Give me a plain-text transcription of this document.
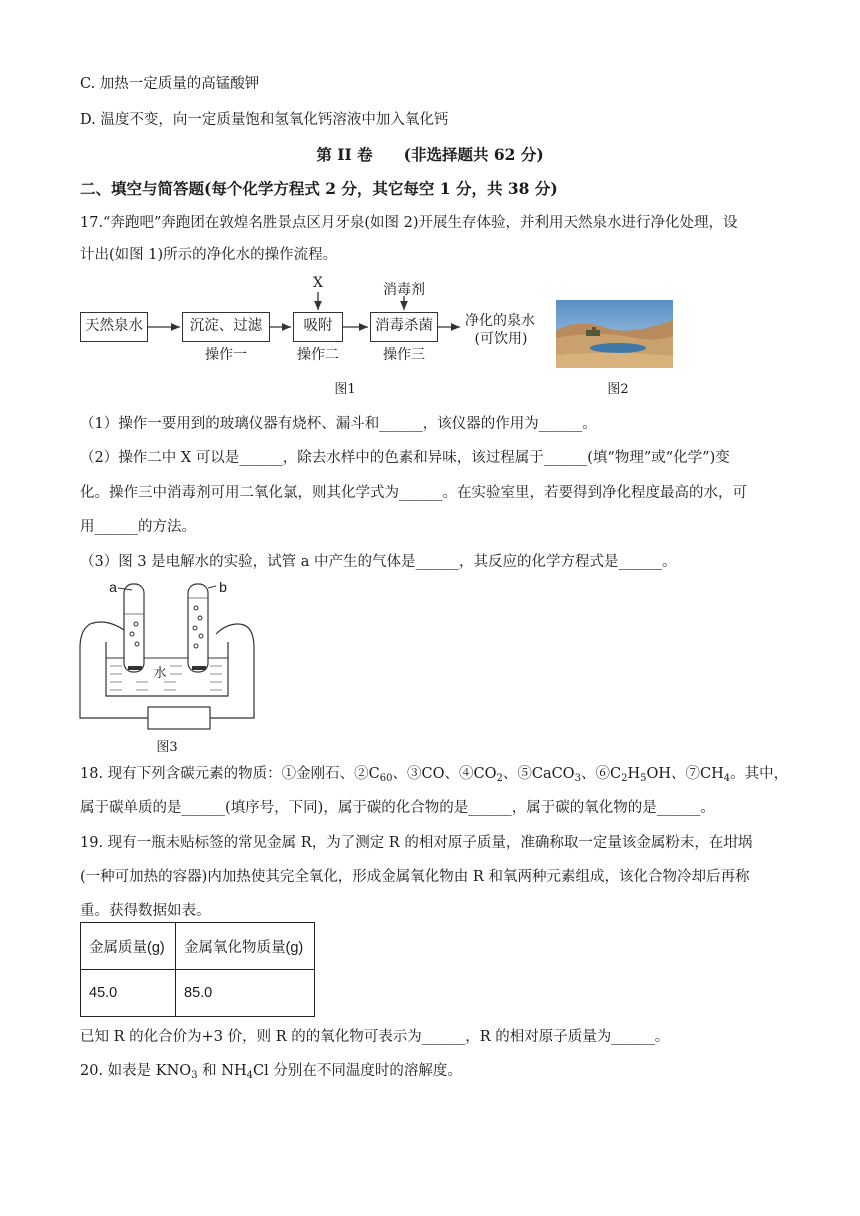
C. 加热一定质量的高锰酸钾
D. 温度不变，向一定质量饱和氢氧化钙溶液中加入氧化钙
第 II 卷　　(非选择题共 62 分)
二、填空与简答题(每个化学方程式 2 分，其它每空 1 分，共 38 分)
17.“奔跑吧”奔跑团在敦煌名胜景点区月牙泉(如图 2)开展生存体验，并利用天然泉水进行净化处理，设
计出(如图 1)所示的净化水的操作流程。
天然泉水	沉淀、过滤	吸附	消毒杀菌
X	消毒剂
净化的泉水
(可饮用)
操作一	操作二	操作三
图1	图2
（1）操作一要用到的玻璃仪器有烧杯、漏斗和______，该仪器的作用为______。
（2）操作二中 X 可以是______，除去水样中的色素和异味，该过程属于______(填“物理”或“化学”)变
化。操作三中消毒剂可用二氧化氯，则其化学式为______。在实验室里，若要得到净化程度最高的水，可
用______的方法。
（3）图 3 是电解水的实验，试管 a 中产生的气体是______，其反应的化学方程式是______。
a	b
水
图3
18. 现有下列含碳元素的物质：①金刚石、$②C_{60}$、③CO、$④CO_2$、⑤CaCO$_3$、$⑥C_2H_5OH$、$⑦CH_4$。其中，
属于碳单质的是______(填序号，下同)，属于碳的化合物的是______，属于碳的氧化物的是______。
19. 现有一瓶未贴标签的常见金属 R，为了测定 R 的相对原子质量，准确称取一定量该金属粉末，在坩埚
(一种可加热的容器)内加热使其完全氧化，形成金属氧化物由 R 和氧两种元素组成，该化合物冷却后再称
重。获得数据如表。
金属质量(g)	金属氧化物质量(g)
45.0	85.0
已知 R 的化合价为+3 价，则 R 的的氧化物可表示为______，R 的相对原子质量为______。
20. 如表是 $KNO_3$ 和 $NH_4Cl$ 分别在不同温度时的溶解度。
